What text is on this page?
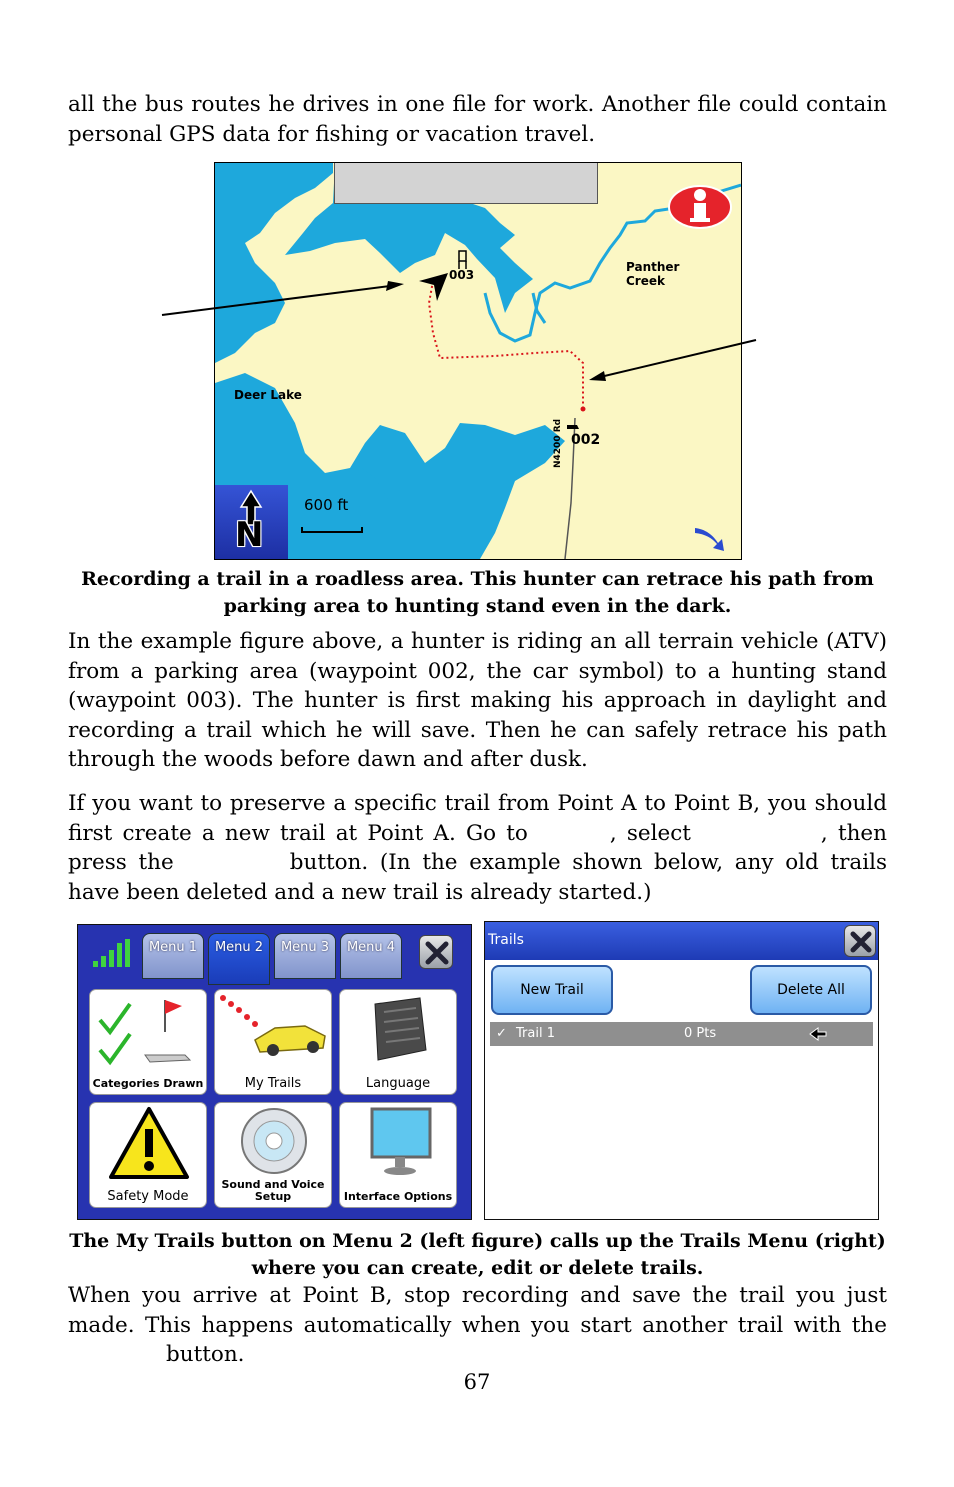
all the bus routes he drives in one file for work. Another file could contain personal GPS data for fishing or vacation travel.

003
Panther Creek
Deer Lake
002
N4200 Rd
N
600 ft

Recording a trail in a roadless area. This hunter can retrace his path from parking area to hunting stand even in the dark.

In the example figure above, a hunter is riding an all terrain vehicle (ATV) from a parking area (waypoint 002, the car symbol) to a hunting stand (waypoint 003). The hunter is first making his approach in daylight and recording a trail which he will save. Then he can safely retrace his path through the woods before dawn and after dusk.

If you want to preserve a specific trail from Point A to Point B, you should first create a new trail at Point A. Go to	, select	, then press the	button. (In the example shown below, any old trails have been deleted and a new trail is already started.)

Menu 1	Menu 2	Menu 3	Menu 4
Categories Drawn	My Trails	Language
Safety Mode
Sound and Voice Setup	Interface Options
Trails
New Trail	Delete All
✓ Trail 1	0 Pts

The My Trails button on Menu 2 (left figure) calls up the Trails Menu (right) where you can create, edit or delete trails.

When you arrive at Point B, stop recording and save the trail you just made. This happens automatically when you start another trail with thebutton.

67
